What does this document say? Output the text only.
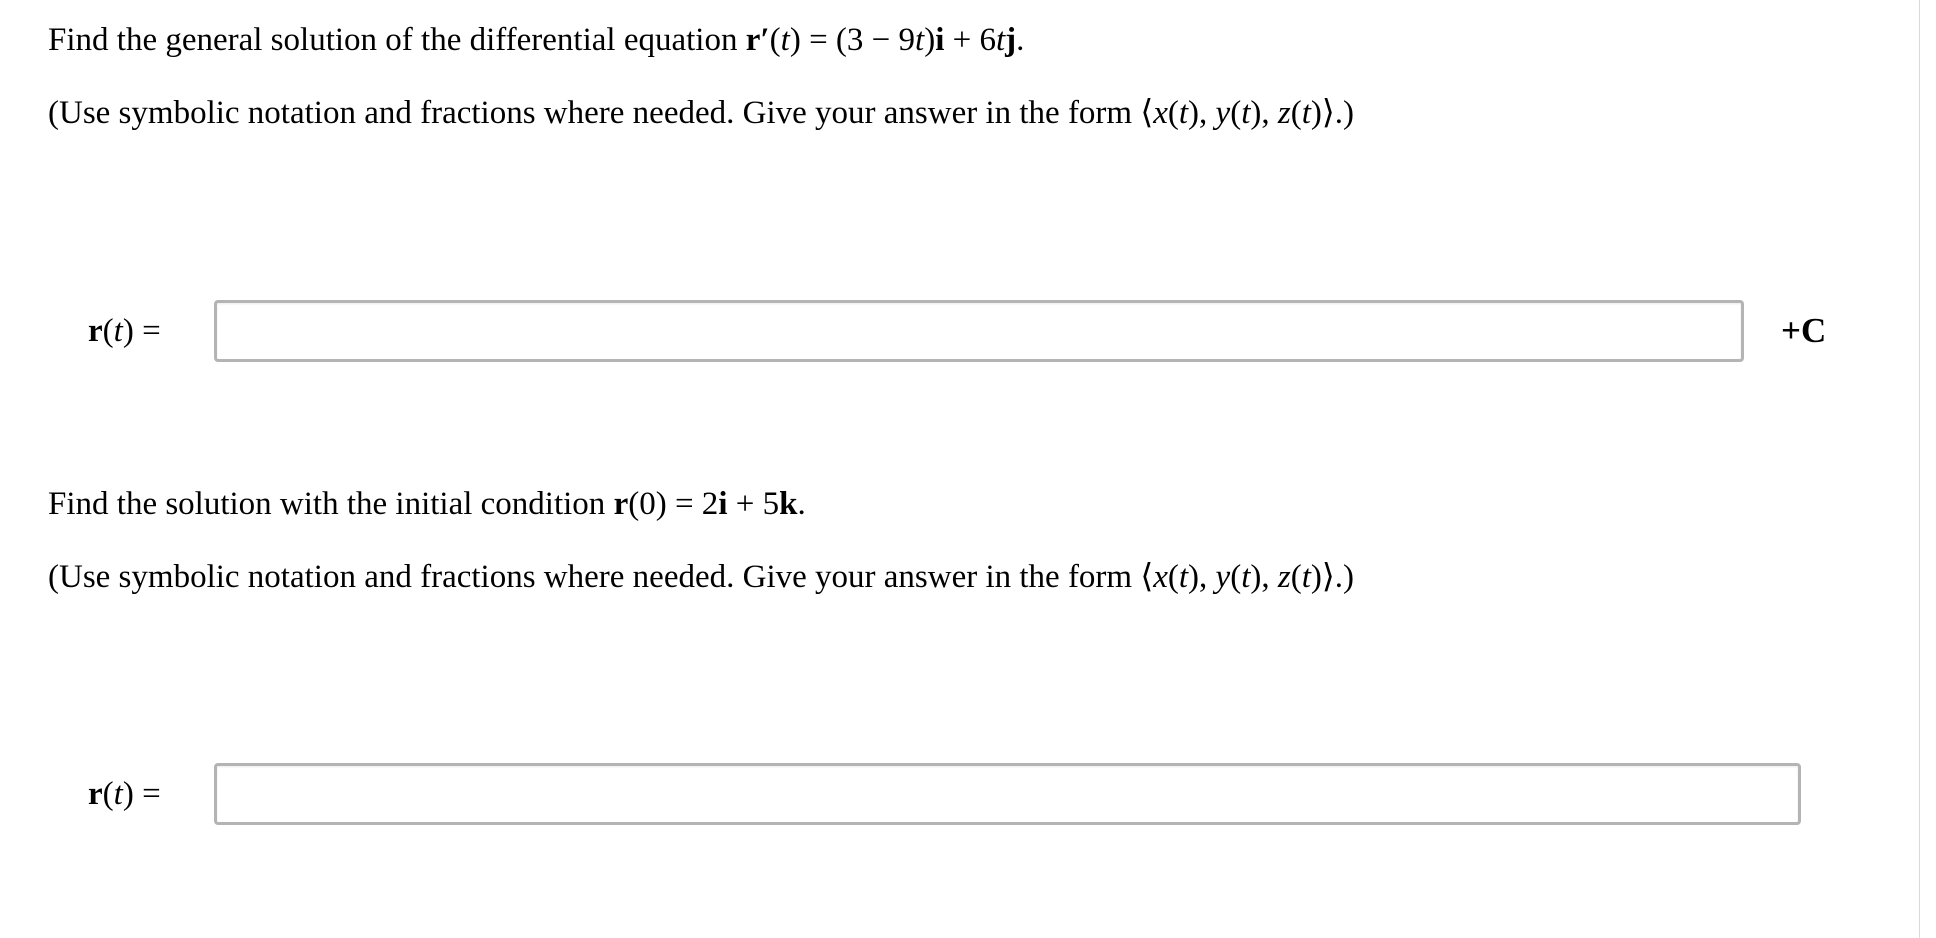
Find the general solution of the differential equation r′(t) = (3 − 9t)i + 6tj.
(Use symbolic notation and fractions where needed. Give your answer in the form ⟨x(t), y(t), z(t)⟩.)
r(t) =	+C
Find the solution with the initial condition r(0) = 2i + 5k.
(Use symbolic notation and fractions where needed. Give your answer in the form ⟨x(t), y(t), z(t)⟩.)
r(t) =
